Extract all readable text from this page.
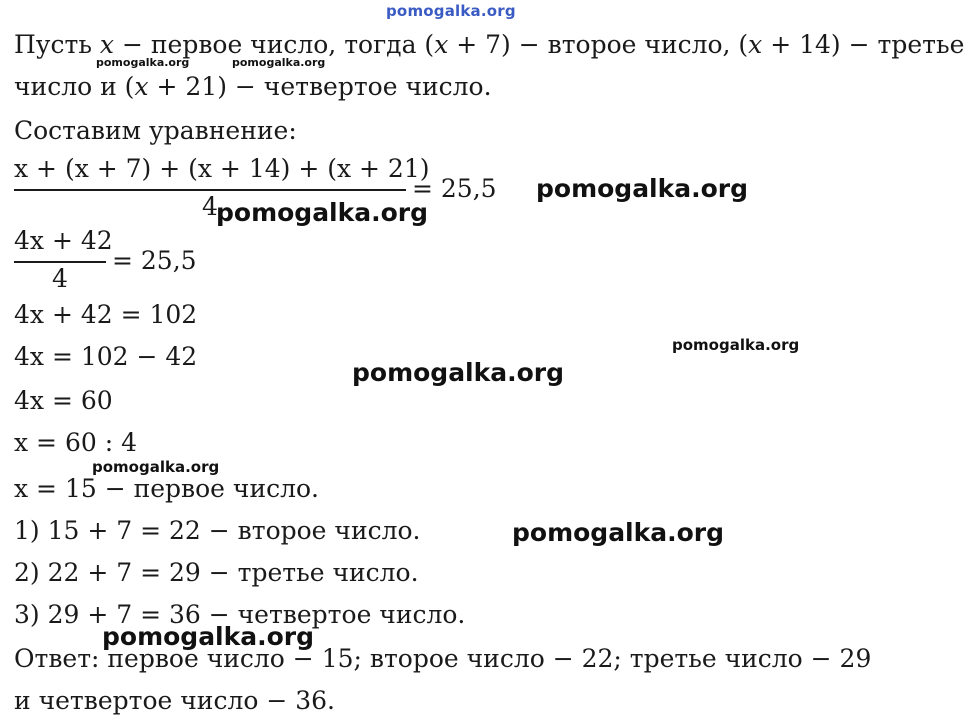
pomogalka.org
Пусть x − первое число, тогда (x + 7) − второе число, (x + 14) − третье
pomogalka.org	pomogalka.org
число и (x + 21) − четвертое число.
Составим уравнение:
x + (x + 7) + (x + 14) + (x + 21)
4
= 25,5 pomogalka.org
pomogalka.org
4x + 42
4
= 25,5
4x + 42 = 102
pomogalka.org
4x = 102 − 42
pomogalka.org
4x = 60
x = 60 : 4
pomogalka.org
x = 15 − первое число.
1) 15 + 7 = 22 − второе число.	pomogalka.org
2) 22 + 7 = 29 − третье число.
3) 29 + 7 = 36 − четвертое число.
pomogalka.org
Ответ: первое число − 15; второе число − 22; третье число − 29
и четвертое число − 36.
